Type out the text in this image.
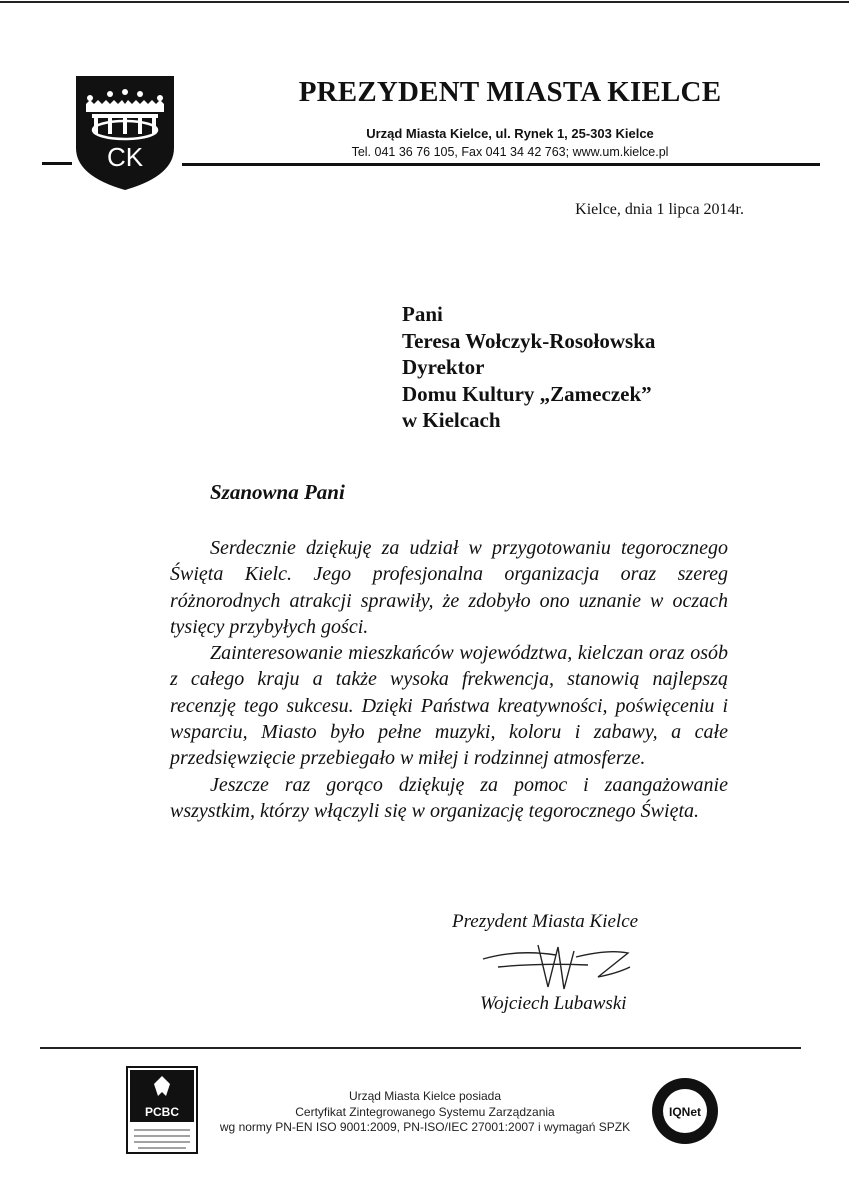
CK
PREZYDENT MIASTA KIELCE
Urząd Miasta Kielce, ul. Rynek 1, 25-303 Kielce
Tel. 041 36 76 105, Fax 041 34 42 763; www.um.kielce.pl
Kielce, dnia 1 lipca 2014r.
Pani
Teresa Wołczyk-Rosołowska
Dyrektor
Domu Kultury „Zameczek”
w Kielcach
Szanowna Pani

Serdecznie dziękuję za udział w przygotowaniu tegorocznego Święta Kielc. Jego profesjonalna organizacja oraz szereg różnorodnych atrakcji sprawiły, że zdobyło ono uznanie w oczach tysięcy przybyłych gości.

Zainteresowanie mieszkańców województwa, kielczan oraz osób z całego kraju a także wysoka frekwencja, stanowią najlepszą recenzję tego sukcesu. Dzięki Państwa kreatywności, poświęceniu i wsparciu, Miasto było pełne muzyki, koloru i zabawy, a całe przedsięwzięcie przebiegało w miłej i rodzinnej atmosferze.

Jeszcze raz gorąco dziękuję za pomoc i zaangażowanie wszystkim, którzy włączyli się w organizację tegorocznego Święta.

Prezydent Miasta Kielce
Wojciech Lubawski
PCBC
Urząd Miasta Kielce posiada
Certyfikat Zintegrowanego Systemu Zarządzania
wg normy PN-EN ISO 9001:2009, PN-ISO/IEC 27001:2007 i wymagań SPZK
IQNet
